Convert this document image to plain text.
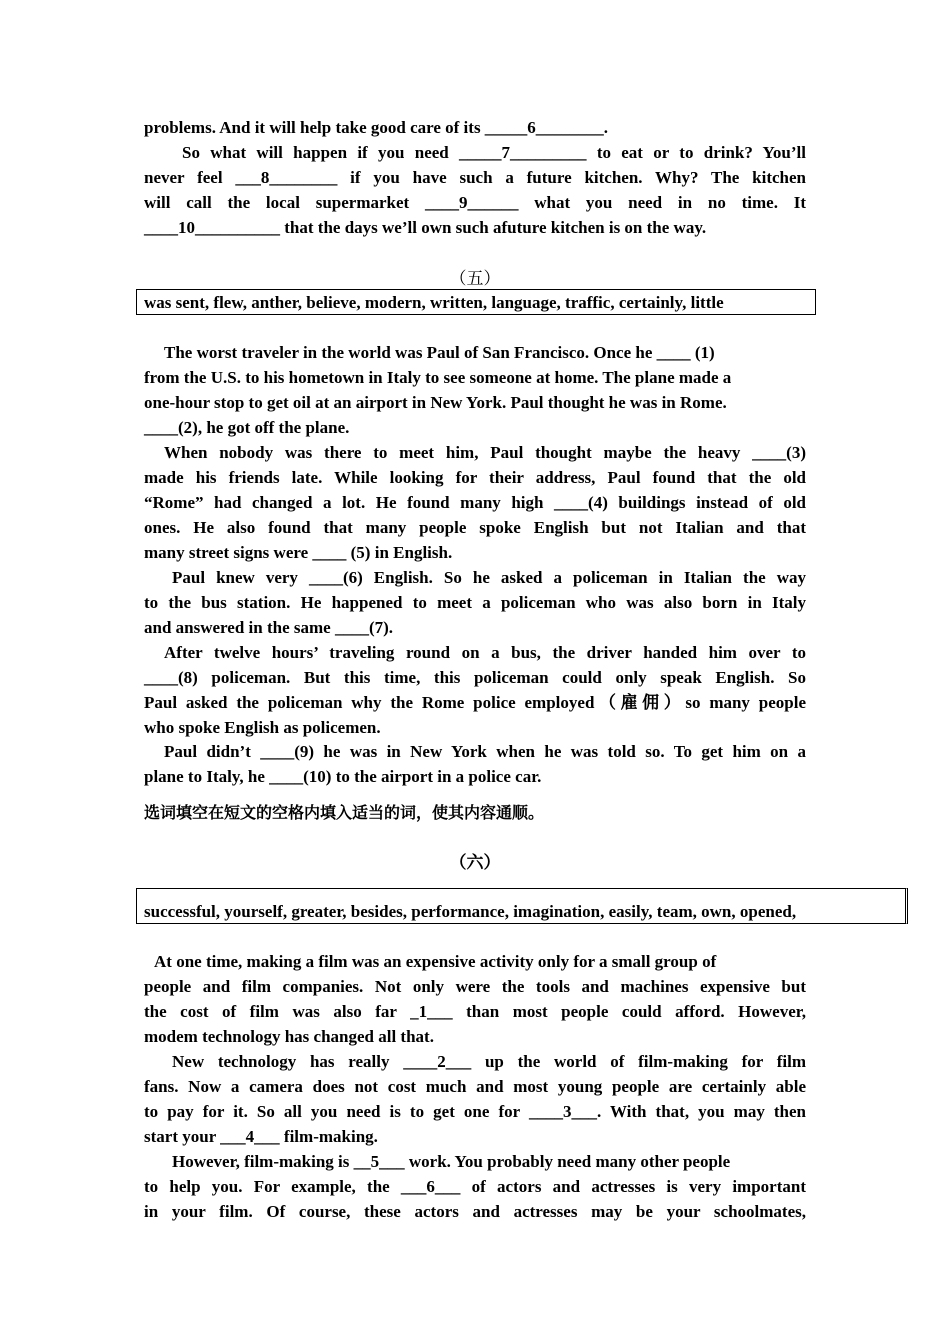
problems. And it will help take good care of its _____6________.
So what will happen if you need _____7_________ to eat or to drink? You’ll
never feel ___8________ if you have such a future kitchen. Why? The kitchen
will call the local supermarket ____9______ what you need in no time. It
____10__________ that the days we’ll own such afuture kitchen is on the way.
（五）
was sent, flew, anther, believe, modern, written, language, traffic, certainly, little
The worst traveler in the world was Paul of San Francisco. Once he ____ (1)
from the U.S. to his hometown in Italy to see someone at home. The plane made a
one-hour stop to get oil at an airport in New York. Paul thought he was in Rome.
____(2), he got off the plane.
When nobody was there to meet him, Paul thought maybe the heavy ____(3)
made his friends late. While looking for their address, Paul found that the old
“Rome” had changed a lot. He found many high ____(4) buildings instead of old
ones. He also found that many people spoke English but not Italian and that
many street signs were ____ (5) in English.
Paul knew very ____(6) English. So he asked a policeman in Italian the way
to the bus station. He happened to meet a policeman who was also born in Italy
and answered in the same ____(7).
After twelve hours’ traveling round on a bus, the driver handed him over to
____(8) policeman. But this time, this policeman could only speak English. So
Paul asked the policeman why the Rome police employed（雇佣）so many people
who spoke English as policemen.
Paul didn’t ____(9) he was in New York when he was told so. To get him on a
plane to Italy, he ____(10) to the airport in a police car.
选词填空在短文的空格内填入适当的词，使其内容通顺。
（六）
successful, yourself, greater, besides, performance, imagination, easily, team, own, opened,
At one time, making a film was an expensive activity only for a small group of
people and film companies. Not only were the tools and machines expensive but
the cost of film was also far _1___ than most people could afford. However,
modem technology has changed all that.
New technology has really ____2___ up the world of film-making for film
fans. Now a camera does not cost much and most young people are certainly able
to pay for it. So all you need is to get one for ____3___. With that, you may then
start your ___4___ film-making.
However, film-making is __5___ work. You probably need many other people
to help you. For example, the ___6___ of actors and actresses is very important
in your film. Of course, these actors and actresses may be your schoolmates,
